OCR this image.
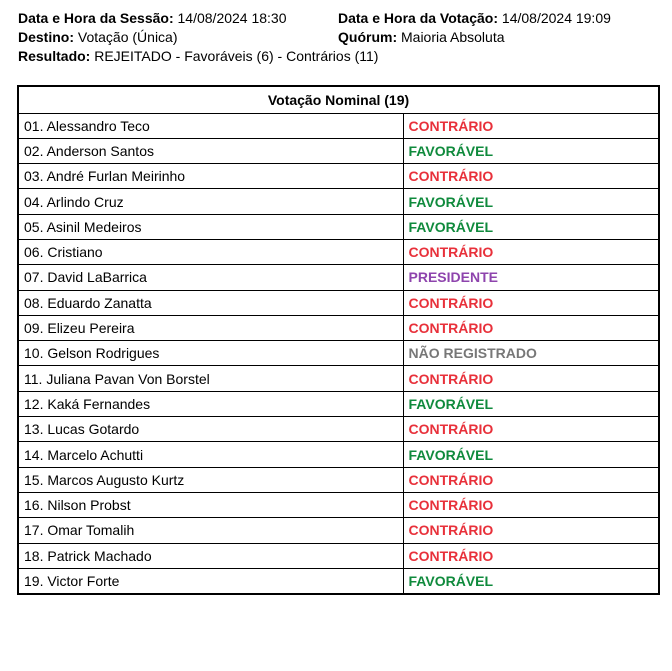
Data e Hora da Sessão: 14/08/2024 18:30	Data e Hora da Votação: 14/08/2024 19:09
Destino: Votação (Única)	Quórum: Maioria Absoluta
Resultado: REJEITADO - Favoráveis (6) - Contrários (11)
Votação Nominal (19)	
01. Alessandro Teco	CONTRÁRIO
02. Anderson Santos	FAVORÁVEL
03. André Furlan Meirinho	CONTRÁRIO
04. Arlindo Cruz	FAVORÁVEL
05. Asinil Medeiros	FAVORÁVEL
06. Cristiano	CONTRÁRIO
07. David LaBarrica	PRESIDENTE
08. Eduardo Zanatta	CONTRÁRIO
09. Elizeu Pereira	CONTRÁRIO
10. Gelson Rodrigues	NÃO REGISTRADO
11. Juliana Pavan Von Borstel	CONTRÁRIO
12. Kaká Fernandes	FAVORÁVEL
13. Lucas Gotardo	CONTRÁRIO
14. Marcelo Achutti	FAVORÁVEL
15. Marcos Augusto Kurtz	CONTRÁRIO
16. Nilson Probst	CONTRÁRIO
17. Omar Tomalih	CONTRÁRIO
18. Patrick Machado	CONTRÁRIO
19. Victor Forte	FAVORÁVEL
